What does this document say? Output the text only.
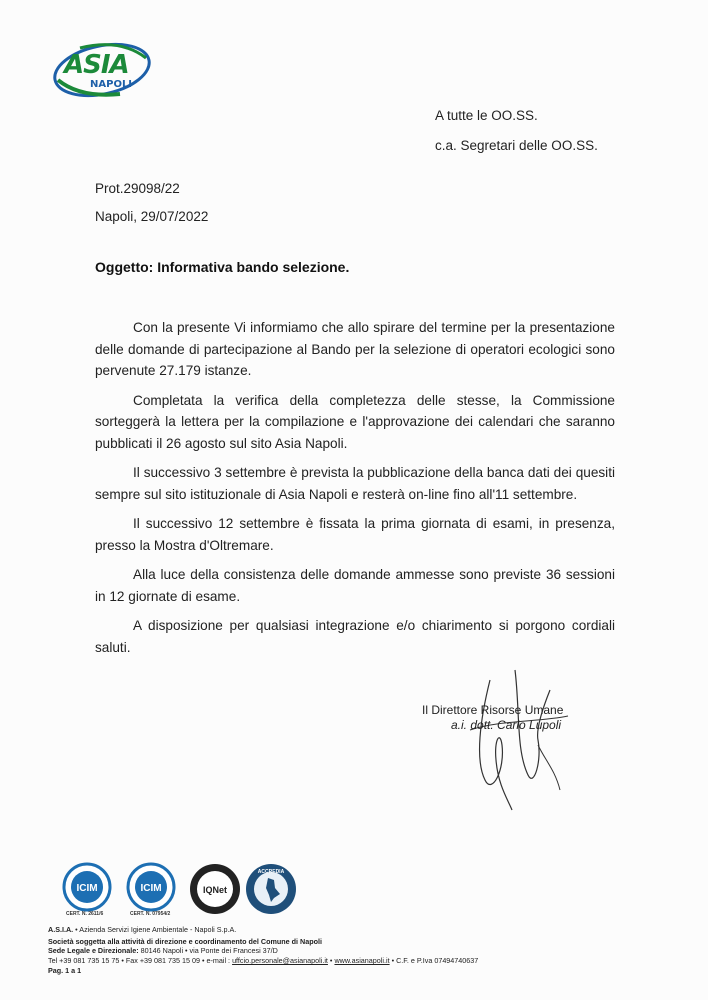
ASIA
NAPOLI
A tutte le OO.SS.
c.a. Segretari delle OO.SS.
Prot.29098/22
Napoli, 29/07/2022
Oggetto: Informativa bando selezione.

Con la presente Vi informiamo che allo spirare del termine per la presentazione delle domande di partecipazione al Bando per la selezione di operatori ecologici sono pervenute 27.179 istanze.

Completata la verifica della completezza delle stesse, la Commissione sorteggerà la lettera per la compilazione e l'approvazione dei calendari che saranno pubblicati il 26 agosto sul sito Asia Napoli.

Il successivo 3 settembre è prevista la pubblicazione della banca dati dei quesiti sempre sul sito istituzionale di Asia Napoli e resterà on-line fino all'11 settembre.

Il successivo 12 settembre è fissata la prima giornata di esami, in presenza, presso la Mostra d'Oltremare.

Alla luce della consistenza delle domande ammesse sono previste 36 sessioni in 12 giornate di esame.

A disposizione per qualsiasi integrazione e/o chiarimento si porgono cordiali saluti.

Il Direttore Risorse Umane
a.i. dott. Carlo Lupoli
ICIM	ICIM	IQNet
ACCREDIA
CERT. N. 2611/6	CERT. N. 07954/2
A.S.I.A. • Azienda Servizi Igiene Ambientale - Napoli S.p.A.
Società soggetta alla attività di direzione e coordinamento del Comune di Napoli
Sede Legale e Direzionale: 80146 Napoli • via Ponte dei Francesi 37/D
Tel +39 081 735 15 75 • Fax +39 081 735 15 09 • e-mail : uffcio.personale@asianapoli.it • www.asianapoli.it • C.F. e P.Iva 07494740637
Pag. 1 a 1
